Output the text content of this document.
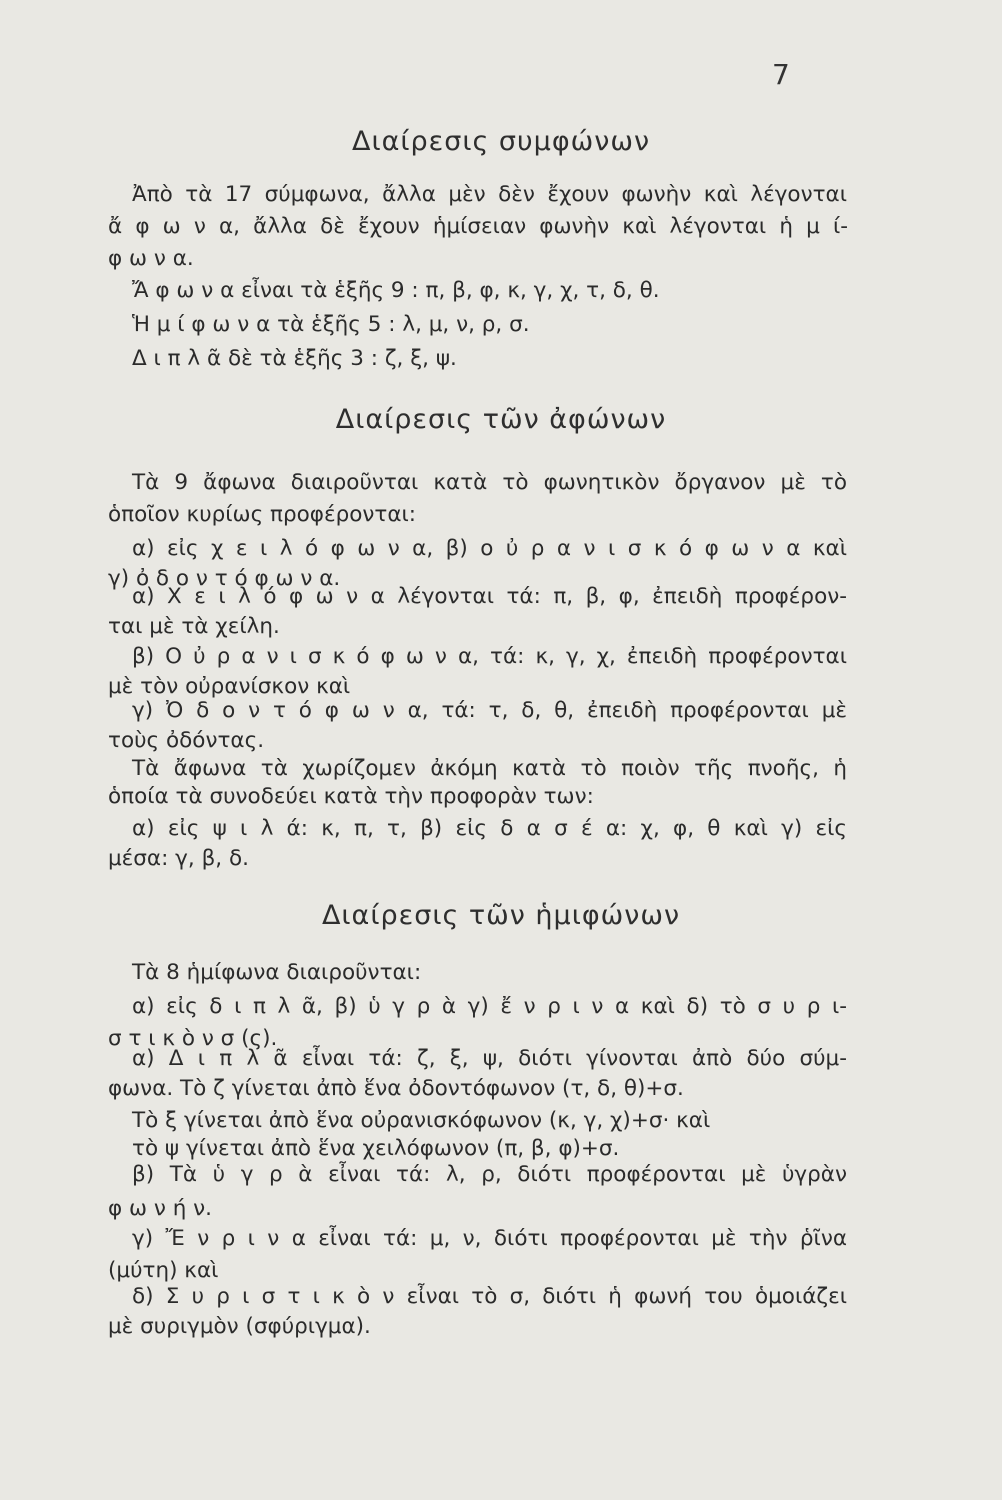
7
Διαίρεσις συμφώνων
Διαίρεσις τῶν ἀφώνων
Διαίρεσις τῶν ἡμιφώνων
Ἀπὸ τὰ 17 σύμφωνα, ἄλλα μὲν δὲν ἔχουν φωνὴν καὶ λέγονται
ἄ φ ω ν α, ἄλλα δὲ ἔχουν ἡμίσειαν φωνὴν καὶ λέγονται ἡ μ ί-
φ ω ν α.
Ἄ φ ω ν α εἶναι τὰ ἑξῆς 9 : π, β, φ, κ, γ, χ, τ, δ, θ.
Ἡ μ ί φ ω ν α τὰ ἑξῆς 5 : λ, μ, ν, ρ, σ.
Δ ι π λ ᾶ δὲ τὰ ἑξῆς 3 : ζ, ξ, ψ.
Τὰ 9 ἄφωνα διαιροῦνται κατὰ τὸ φωνητικὸν ὄργανον μὲ τὸ
ὁποῖον κυρίως προφέρονται:
α) εἰς χ ε ι λ ό φ ω ν α, β) ο ὐ ρ α ν ι σ κ ό φ ω ν α καὶ
γ) ὀ δ ο ν τ ό φ ω ν α.
α) Χ ε ι λ ό φ ω ν α λέγονται τά: π, β, φ, ἐπειδὴ προφέρον-
ται μὲ τὰ χείλη.
β) Ο ὐ ρ α ν ι σ κ ό φ ω ν α, τά: κ, γ, χ, ἐπειδὴ προφέρονται
μὲ τὸν οὐρανίσκον καὶ
γ) Ὀ δ ο ν τ ό φ ω ν α, τά: τ, δ, θ, ἐπειδὴ προφέρονται μὲ
τοὺς ὀδόντας.
Τὰ ἄφωνα τὰ χωρίζομεν ἀκόμη κατὰ τὸ ποιὸν τῆς πνοῆς, ἡ
ὁποία τὰ συνοδεύει κατὰ τὴν προφορὰν των:
α) εἰς ψ ι λ ά: κ, π, τ, β) εἰς δ α σ έ α: χ, φ, θ καὶ γ) εἰς
μέσα: γ, β, δ.
Τὰ 8 ἡμίφωνα διαιροῦνται:
α) εἰς δ ι π λ ᾶ, β) ὑ γ ρ ὰ γ) ἔ ν ρ ι ν α καὶ δ) τὸ σ υ ρ ι-
σ τ ι κ ὸ ν σ (ς).
α) Δ ι π λ ᾶ εἶναι τά: ζ, ξ, ψ, διότι γίνονται ἀπὸ δύο σύμ-
φωνα. Τὸ ζ γίνεται ἀπὸ ἕνα ὀδοντόφωνον (τ, δ, θ)+σ.
Τὸ ξ γίνεται ἀπὸ ἕνα οὐρανισκόφωνον (κ, γ, χ)+σ· καὶ
τὸ ψ γίνεται ἀπὸ ἕνα χειλόφωνον (π, β, φ)+σ.
β) Τὰ ὑ γ ρ ὰ εἶναι τά: λ, ρ, διότι προφέρονται μὲ ὑγρὰν
φ ω ν ή ν.
γ) Ἔ ν ρ ι ν α εἶναι τά: μ, ν, διότι προφέρονται μὲ τὴν ῥῖνα
(μύτη) καὶ
δ) Σ υ ρ ι σ τ ι κ ὸ ν εἶναι τὸ σ, διότι ἡ φωνή του ὁμοιάζει
μὲ συριγμὸν (σφύριγμα).
